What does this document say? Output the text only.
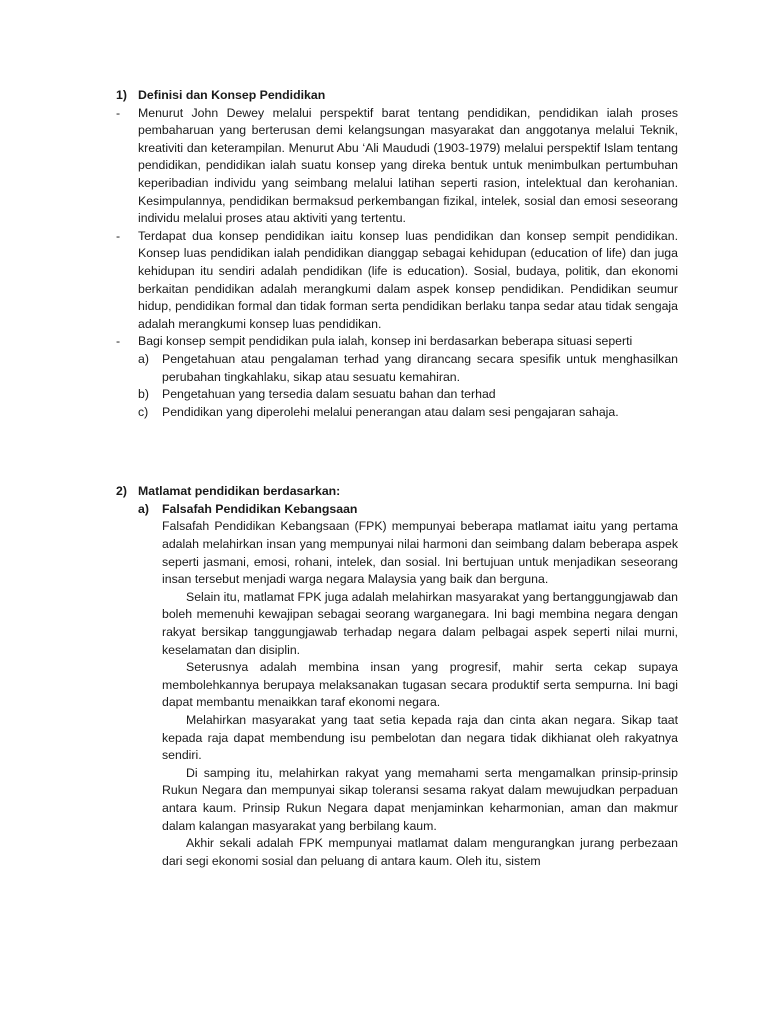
1) Definisi dan Konsep Pendidikan
-	Menurut John Dewey melalui perspektif barat tentang pendidikan, pendidikan ialah proses pembaharuan yang berterusan demi kelangsungan masyarakat dan anggotanya melalui Teknik, kreativiti dan keterampilan. Menurut Abu ‘Ali Maududi (1903-1979) melalui perspektif Islam tentang pendidikan, pendidikan ialah suatu konsep yang direka bentuk untuk menimbulkan pertumbuhan keperibadian individu yang seimbang melalui latihan seperti rasion, intelektual dan kerohanian. Kesimpulannya, pendidikan bermaksud perkembangan fizikal, intelek, sosial dan emosi seseorang individu melalui proses atau aktiviti yang tertentu.
-	Terdapat dua konsep pendidikan iaitu konsep luas pendidikan dan konsep sempit pendidikan. Konsep luas pendidikan ialah pendidikan dianggap sebagai kehidupan (education of life) dan juga kehidupan itu sendiri adalah pendidikan (life is education). Sosial, budaya, politik, dan ekonomi berkaitan pendidikan adalah merangkumi dalam aspek konsep pendidikan. Pendidikan seumur hidup, pendidikan formal dan tidak forman serta pendidikan berlaku tanpa sedar atau tidak sengaja adalah merangkumi konsep luas pendidikan.
-	Bagi konsep sempit pendidikan pula ialah, konsep ini berdasarkan beberapa situasi seperti
a)	Pengetahuan atau pengalaman terhad yang dirancang secara spesifik untuk menghasilkan perubahan tingkahlaku, sikap atau sesuatu kemahiran.
b)	Pengetahuan yang tersedia dalam sesuatu bahan dan terhad
c)	Pendidikan yang diperolehi melalui penerangan atau dalam sesi pengajaran sahaja.
2) Matlamat pendidikan berdasarkan:
a)	Falsafah Pendidikan Kebangsaan

Falsafah Pendidikan Kebangsaan (FPK) mempunyai beberapa matlamat iaitu yang pertama adalah melahirkan insan yang mempunyai nilai harmoni dan seimbang dalam beberapa aspek seperti jasmani, emosi, rohani, intelek, dan sosial. Ini bertujuan untuk menjadikan seseorang insan tersebut menjadi warga negara Malaysia yang baik dan berguna.

Selain itu, matlamat FPK juga adalah melahirkan masyarakat yang bertanggungjawab dan boleh memenuhi kewajipan sebagai seorang warganegara. Ini bagi membina negara dengan rakyat bersikap tanggungjawab terhadap negara dalam pelbagai aspek seperti nilai murni, keselamatan dan disiplin.

Seterusnya adalah membina insan yang progresif, mahir serta cekap supaya membolehkannya berupaya melaksanakan tugasan secara produktif serta sempurna. Ini bagi dapat membantu menaikkan taraf ekonomi negara.

Melahirkan masyarakat yang taat setia kepada raja dan cinta akan negara. Sikap taat kepada raja dapat membendung isu pembelotan dan negara tidak dikhianat oleh rakyatnya sendiri.

Di samping itu, melahirkan rakyat yang memahami serta mengamalkan prinsip-prinsip Rukun Negara dan mempunyai sikap toleransi sesama rakyat dalam mewujudkan perpaduan antara kaum. Prinsip Rukun Negara dapat menjaminkan keharmonian, aman dan makmur dalam kalangan masyarakat yang berbilang kaum.

Akhir sekali adalah FPK mempunyai matlamat dalam mengurangkan jurang perbezaan dari segi ekonomi sosial dan peluang di antara kaum. Oleh itu, sistem
